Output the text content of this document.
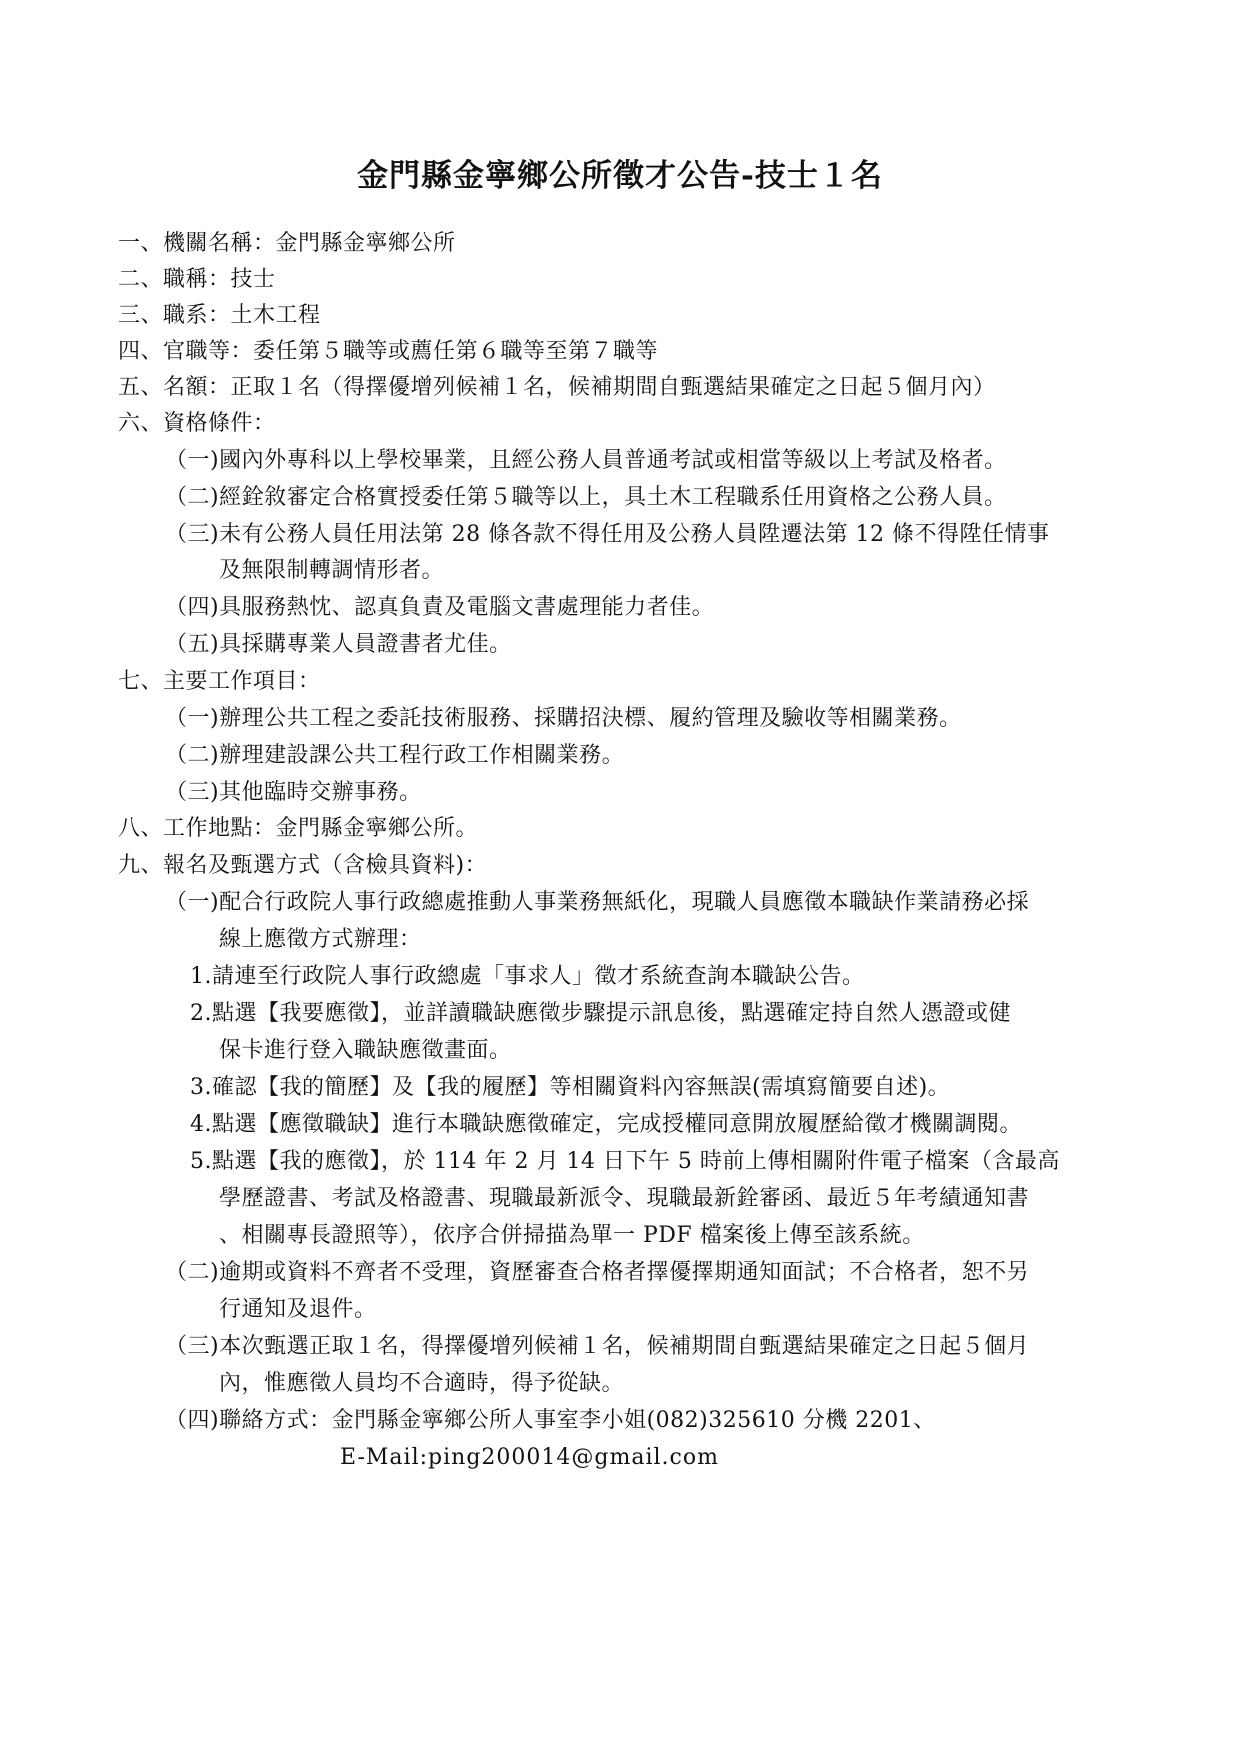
金門縣金寧鄉公所徵才公告-技士１名
一、機關名稱：金門縣金寧鄉公所
二、職稱：技士
三、職系：土木工程
四、官職等：委任第５職等或薦任第６職等至第７職等
五、名額：正取１名（得擇優增列候補１名，候補期間自甄選結果確定之日起５個月內）
六、資格條件：
（一)國內外專科以上學校畢業，且經公務人員普通考試或相當等級以上考試及格者。
（二)經銓敘審定合格實授委任第５職等以上，具土木工程職系任用資格之公務人員。
（三)未有公務人員任用法第 28 條各款不得任用及公務人員陞遷法第 12 條不得陞任情事
及無限制轉調情形者。
（四)具服務熱忱、認真負責及電腦文書處理能力者佳。
（五)具採購專業人員證書者尤佳。
七、主要工作項目：
（一)辦理公共工程之委託技術服務、採購招決標、履約管理及驗收等相關業務。
（二)辦理建設課公共工程行政工作相關業務。
（三)其他臨時交辦事務。
八、工作地點：金門縣金寧鄉公所。
九、報名及甄選方式（含檢具資料)：
（一)配合行政院人事行政總處推動人事業務無紙化，現職人員應徵本職缺作業請務必採
線上應徵方式辦理：
1.請連至行政院人事行政總處「事求人」徵才系統查詢本職缺公告。
2.點選【我要應徵】，並詳讀職缺應徵步驟提示訊息後，點選確定持自然人憑證或健
保卡進行登入職缺應徵畫面。
3.確認【我的簡歷】及【我的履歷】等相關資料內容無誤(需填寫簡要自述)。
4.點選【應徵職缺】進行本職缺應徵確定，完成授權同意開放履歷給徵才機關調閱。
5.點選【我的應徵】，於 114 年 2 月 14 日下午 5 時前上傳相關附件電子檔案（含最高
學歷證書、考試及格證書、現職最新派令、現職最新銓審函、最近５年考績通知書
、相關專長證照等），依序合併掃描為單一 PDF 檔案後上傳至該系統。
（二)逾期或資料不齊者不受理，資歷審查合格者擇優擇期通知面試；不合格者，恕不另
行通知及退件。
（三)本次甄選正取１名，得擇優增列候補１名，候補期間自甄選結果確定之日起５個月
內，惟應徵人員均不合適時，得予從缺。
（四)聯絡方式：金門縣金寧鄉公所人事室李小姐(082)325610 分機 2201、
E-Mail:ping200014@gmail.com
